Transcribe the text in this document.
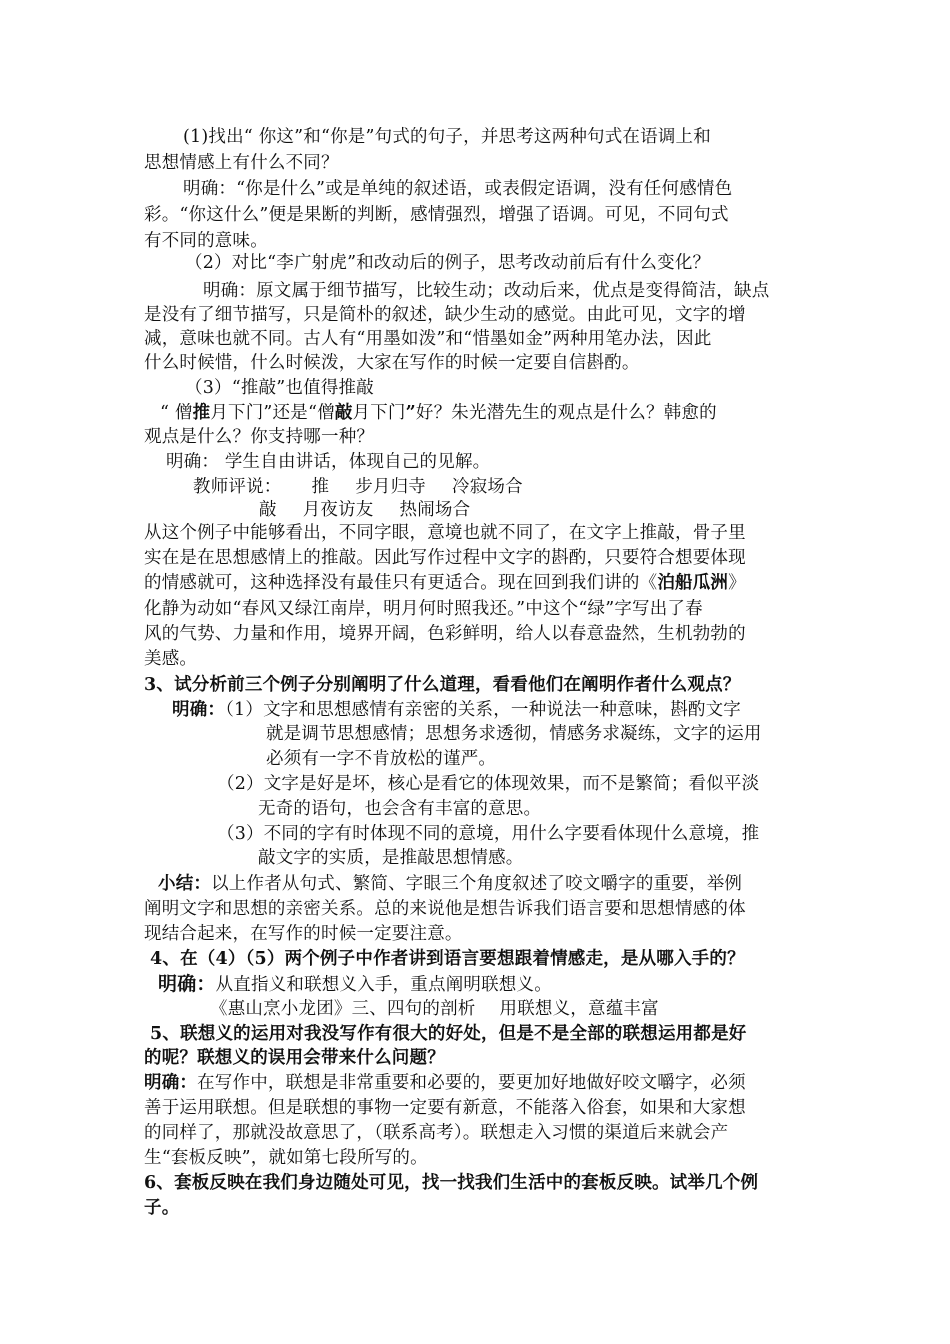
(1)找出“ 你这”和“你是”句式的句子，并思考这两种句式在语调上和
思想情感上有什么不同？
明确：“你是什么”或是单纯的叙述语，或表假定语调，没有任何感情色
彩。“你这什么”便是果断的判断，感情强烈，增强了语调。可见，不同句式
有不同的意味。
（2）对比“李广射虎”和改动后的例子，思考改动前后有什么变化？
明确：原文属于细节描写，比较生动；改动后来，优点是变得简洁，缺点
是没有了细节描写，只是简朴的叙述，缺少生动的感觉。由此可见，文字的增
减，意味也就不同。古人有“用墨如泼”和“惜墨如金”两种用笔办法，因此
什么时候惜，什么时候泼，大家在写作的时候一定要自信斟酌。
（3）“推敲”也值得推敲
“ 僧推月下门”还是“僧敲月下门”好？朱光潜先生的观点是什么？韩愈的
观点是什么？你支持哪一种？
明确： 学生自由讲话，体现自己的见解。
教师评说： 推 步月归寺 冷寂场合
敲 月夜访友 热闹场合
从这个例子中能够看出，不同字眼，意境也就不同了，在文字上推敲，骨子里
实在是在思想感情上的推敲。因此写作过程中文字的斟酌，只要符合想要体现
的情感就可，这种选择没有最佳只有更适合。现在回到我们讲的《泊船瓜洲》
化静为动如“春风又绿江南岸，明月何时照我还。”中这个“绿”字写出了春
风的气势、力量和作用，境界开阔，色彩鲜明，给人以春意盎然，生机勃勃的
美感。
3、试分析前三个例子分别阐明了什么道理，看看他们在阐明作者什么观点？
明确：（1）文字和思想感情有亲密的关系，一种说法一种意味，斟酌文字
就是调节思想感情；思想务求透彻，情感务求凝练，文字的运用
必须有一字不肯放松的谨严。
（2）文字是好是坏，核心是看它的体现效果，而不是繁简；看似平淡
无奇的语句，也会含有丰富的意思。
（3）不同的字有时体现不同的意境，用什么字要看体现什么意境，推
敲文字的实质，是推敲思想情感。
小结：以上作者从句式、繁简、字眼三个角度叙述了咬文嚼字的重要，举例
阐明文字和思想的亲密关系。总的来说他是想告诉我们语言要和思想情感的体
现结合起来，在写作的时候一定要注意。
4、在（4）（5）两个例子中作者讲到语言要想跟着情感走，是从哪入手的？
明确：从直指义和联想义入手，重点阐明联想义。
《惠山烹小龙团》三、四句的剖析 用联想义，意蕴丰富
5、联想义的运用对我没写作有很大的好处，但是不是全部的联想运用都是好
的呢？联想义的误用会带来什么问题？
明确：在写作中，联想是非常重要和必要的，要更加好地做好咬文嚼字，必须
善于运用联想。但是联想的事物一定要有新意，不能落入俗套，如果和大家想
的同样了，那就没故意思了，（联系高考）。联想走入习惯的渠道后来就会产
生“套板反映”，就如第七段所写的。
6、套板反映在我们身边随处可见，找一找我们生活中的套板反映。试举几个例
子。
